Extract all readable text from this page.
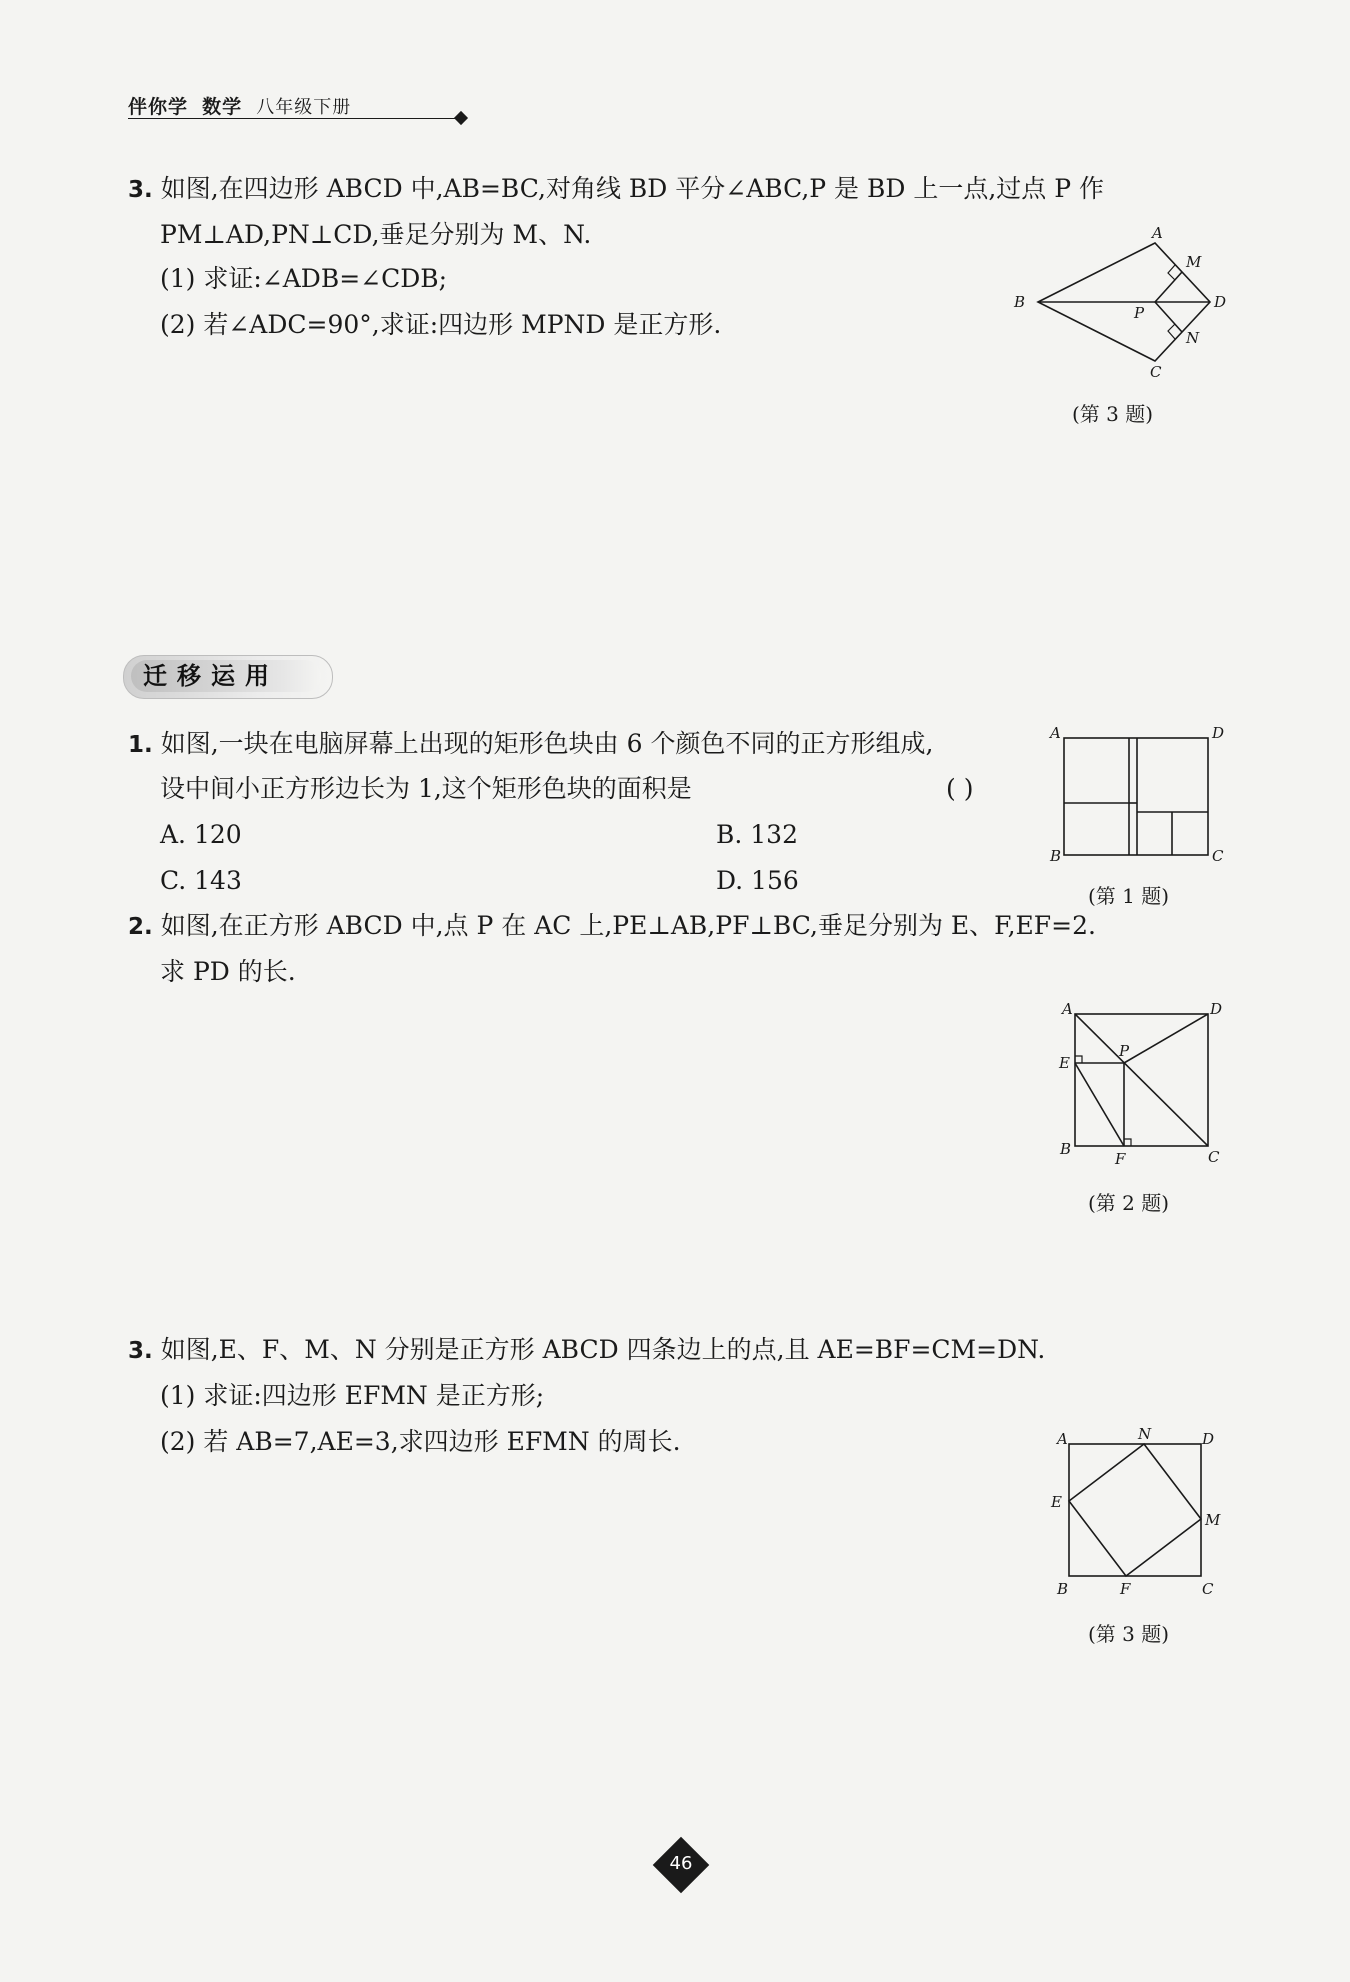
伴你学 数学 八年级下册
3. 如图,在四边形 ABCD 中,AB=BC,对角线 BD 平分∠ABC,P 是 BD 上一点,过点 P 作
PM⊥AD,PN⊥CD,垂足分别为 M、N.
(1) 求证:∠ADB=∠CDB;
(2) 若∠ADC=90°,求证:四边形 MPND 是正方形.
A
B
C
D
M
N
P
(第 3 题)
迁移运用
1. 如图,一块在电脑屏幕上出现的矩形色块由 6 个颜色不同的正方形组成,
设中间小正方形边长为 1,这个矩形色块的面积是	( )
A. 120	B. 132
C. 143	D. 156
A
B	C
D
(第 1 题)
2. 如图,在正方形 ABCD 中,点 P 在 AC 上,PE⊥AB,PF⊥BC,垂足分别为 E、F,EF=2.
求 PD 的长.
A
B	C
D
E
F
P
(第 2 题)
3. 如图,E、F、M、N 分别是正方形 ABCD 四条边上的点,且 AE=BF=CM=DN.
(1) 求证:四边形 EFMN 是正方形;
(2) 若 AB=7,AE=3,求四边形 EFMN 的周长.	A
B	C
D
E
F
M
N
(第 3 题)
46
